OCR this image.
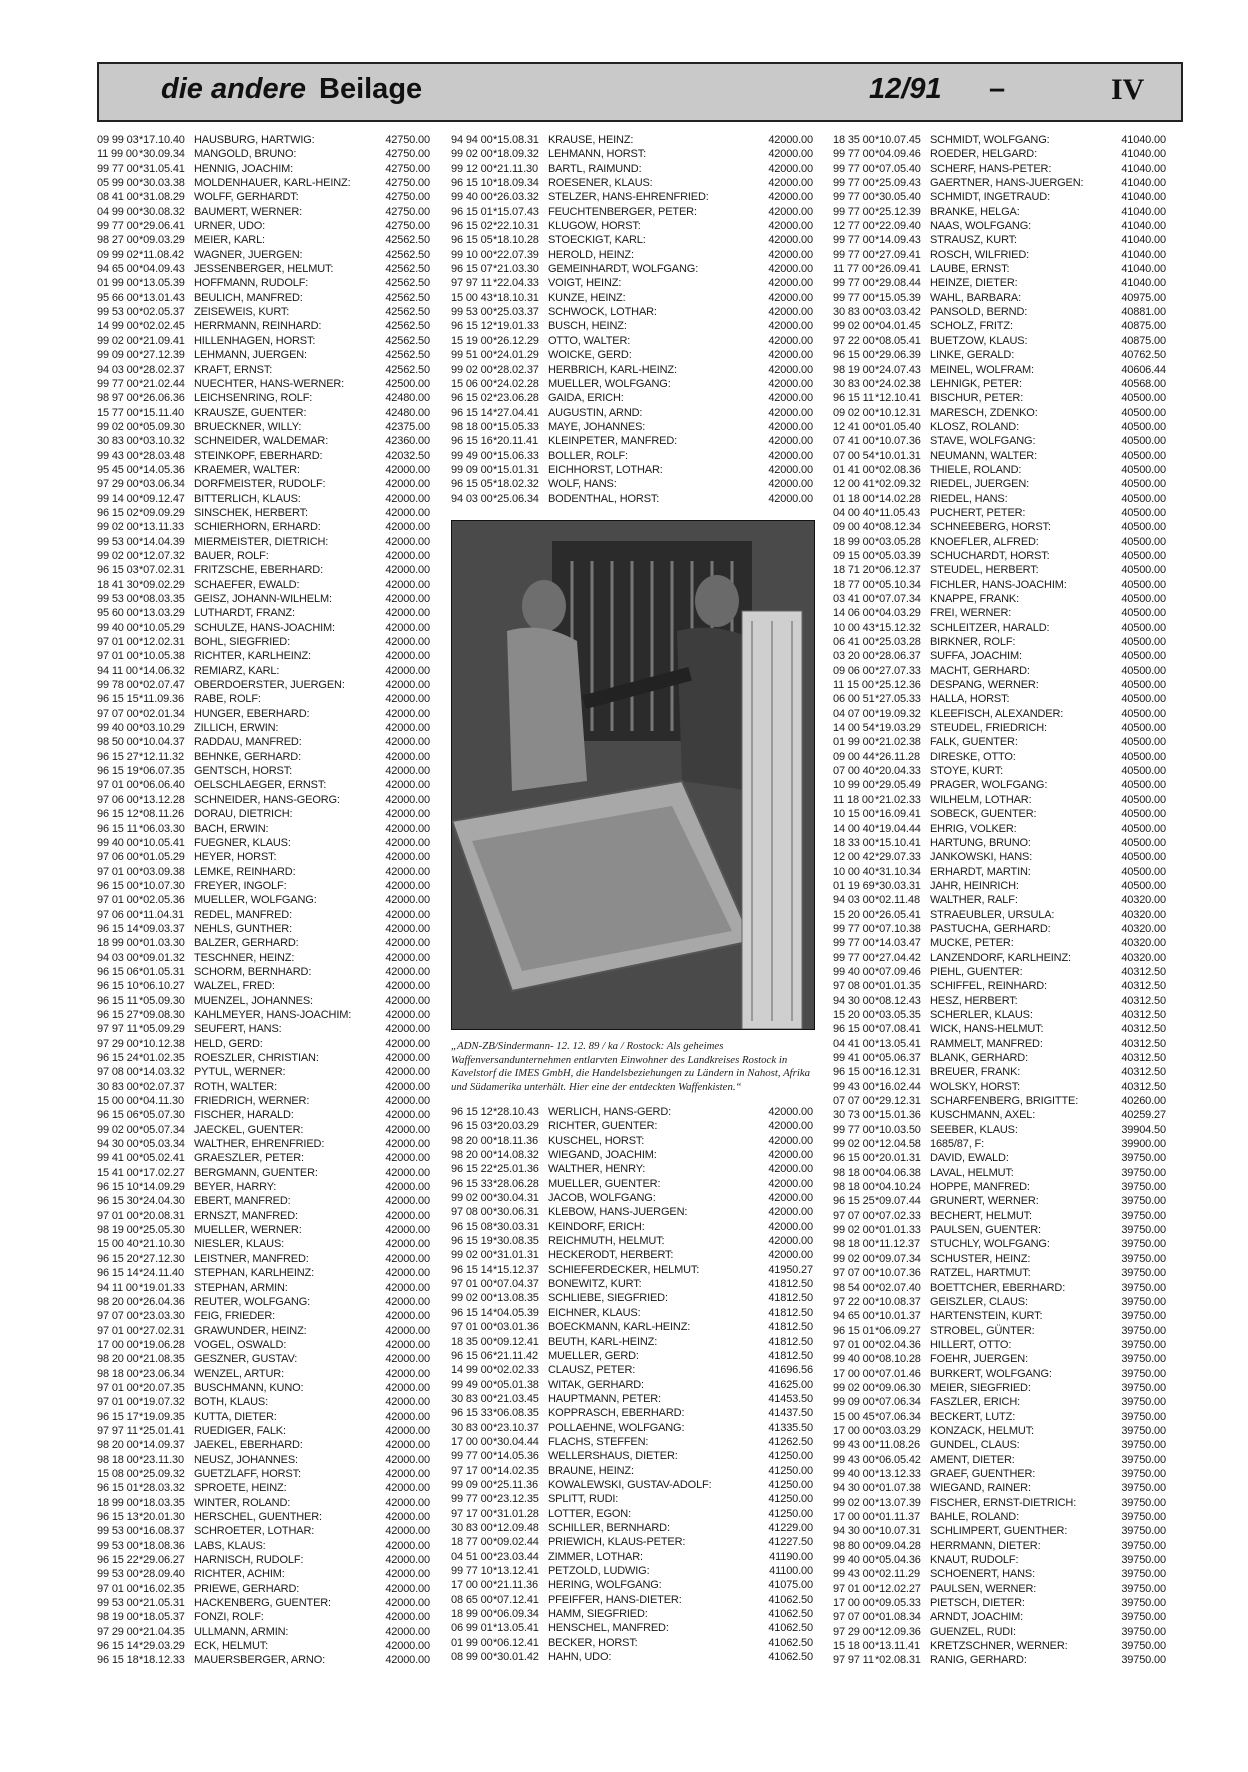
die andere Beilage	12/91 –	IV
09 99 03 *17.10.40 HAUSBURG, HARTWIG:	42750.00
11 99 00 *30.09.34 MANGOLD, BRUNO:	42750.00
99 77 00 *31.05.41 HENNIG, JOACHIM:	42750.00
05 99 00 *30.03.38 MOLDENHAUER, KARL-HEINZ:	42750.00
08 41 00 *31.08.29 WOLFF, GERHARDT:	42750.00
04 99 00 *30.08.32 BAUMERT, WERNER:	42750.00
99 77 00 *29.06.41 URNER, UDO:	42750.00
98 27 00 *09.03.29 MEIER, KARL:	42562.50
09 99 02 *11.08.42 WAGNER, JUERGEN:	42562.50
94 65 00 *04.09.43 JESSENBERGER, HELMUT:	42562.50
01 99 00 *13.05.39 HOFFMANN, RUDOLF:	42562.50
95 66 00 *13.01.43 BEULICH, MANFRED:	42562.50
99 53 00 *02.05.37 ZEISEWEIS, KURT:	42562.50
14 99 00 *02.02.45 HERRMANN, REINHARD:	42562.50
99 02 00 *21.09.41 HILLENHAGEN, HORST:	42562.50
99 09 00 *27.12.39 LEHMANN, JUERGEN:	42562.50
94 03 00 *28.02.37 KRAFT, ERNST:	42562.50
99 77 00 *21.02.44 NUECHTER, HANS-WERNER:	42500.00
98 97 00 *26.06.36 LEICHSENRING, ROLF:	42480.00
15 77 00 *15.11.40 KRAUSZE, GUENTER:	42480.00
99 02 00 *05.09.30 BRUECKNER, WILLY:	42375.00
30 83 00 *03.10.32 SCHNEIDER, WALDEMAR:	42360.00
99 43 00 *28.03.48 STEINKOPF, EBERHARD:	42032.50
95 45 00 *14.05.36 KRAEMER, WALTER:	42000.00
97 29 00 *03.06.34 DORFMEISTER, RUDOLF:	42000.00
99 14 00 *09.12.47 BITTERLICH, KLAUS:	42000.00
96 15 02 *09.09.29 SINSCHEK, HERBERT:	42000.00
99 02 00 *13.11.33 SCHIERHORN, ERHARD:	42000.00
99 53 00 *14.04.39 MIERMEISTER, DIETRICH:	42000.00
99 02 00 *12.07.32 BAUER, ROLF:	42000.00
96 15 03 *07.02.31 FRITZSCHE, EBERHARD:	42000.00
18 41 30 *09.02.29 SCHAEFER, EWALD:	42000.00
99 53 00 *08.03.35 GEISZ, JOHANN-WILHELM:	42000.00
95 60 00 *13.03.29 LUTHARDT, FRANZ:	42000.00
99 40 00 *10.05.29 SCHULZE, HANS-JOACHIM:	42000.00
97 01 00 *12.02.31 BOHL, SIEGFRIED:	42000.00
97 01 00 *10.05.38 RICHTER, KARLHEINZ:	42000.00
94 11 00 *14.06.32 REMIARZ, KARL:	42000.00
99 78 00 *02.07.47 OBERDOERSTER, JUERGEN:	42000.00
96 15 15 *11.09.36 RABE, ROLF:	42000.00
97 07 00 *02.01.34 HUNGER, EBERHARD:	42000.00
99 40 00 *03.10.29 ZILLICH, ERWIN:	42000.00
98 50 00 *10.04.37 RADDAU, MANFRED:	42000.00
96 15 27 *12.11.32 BEHNKE, GERHARD:	42000.00
96 15 19 *06.07.35 GENTSCH, HORST:	42000.00
97 01 00 *06.06.40 OELSCHLAEGER, ERNST:	42000.00
97 06 00 *13.12.28 SCHNEIDER, HANS-GEORG:	42000.00
96 15 12 *08.11.26 DORAU, DIETRICH:	42000.00
96 15 11 *06.03.30 BACH, ERWIN:	42000.00
99 40 00 *10.05.41 FUEGNER, KLAUS:	42000.00
97 06 00 *01.05.29 HEYER, HORST:	42000.00
97 01 00 *03.09.38 LEMKE, REINHARD:	42000.00
96 15 00 *10.07.30 FREYER, INGOLF:	42000.00
97 01 00 *02.05.36 MUELLER, WOLFGANG:	42000.00
97 06 00 *11.04.31 REDEL, MANFRED:	42000.00
96 15 14 *09.03.37 NEHLS, GUNTHER:	42000.00
18 99 00 *01.03.30 BALZER, GERHARD:	42000.00
94 03 00 *09.01.32 TESCHNER, HEINZ:	42000.00
96 15 06 *01.05.31 SCHORM, BERNHARD:	42000.00
96 15 10 *06.10.27 WALZEL, FRED:	42000.00
96 15 11 *05.09.30 MUENZEL, JOHANNES:	42000.00
96 15 27 *09.08.30 KAHLMEYER, HANS-JOACHIM:	42000.00
97 97 11 *05.09.29 SEUFERT, HANS:	42000.00
97 29 00 *10.12.38 HELD, GERD:	42000.00
96 15 24 *01.02.35 ROESZLER, CHRISTIAN:	42000.00
97 08 00 *14.03.32 PYTUL, WERNER:	42000.00
30 83 00 *02.07.37 ROTH, WALTER:	42000.00
15 00 00 *04.11.30 FRIEDRICH, WERNER:	42000.00
96 15 06 *05.07.30 FISCHER, HARALD:	42000.00
99 02 00 *05.07.34 JAECKEL, GUENTER:	42000.00
94 30 00 *05.03.34 WALTHER, EHRENFRIED:	42000.00
99 41 00 *05.02.41 GRAESZLER, PETER:	42000.00
15 41 00 *17.02.27 BERGMANN, GUENTER:	42000.00
96 15 10 *14.09.29 BEYER, HARRY:	42000.00
96 15 30 *24.04.30 EBERT, MANFRED:	42000.00
97 01 00 *20.08.31 ERNSZT, MANFRED:	42000.00
98 19 00 *25.05.30 MUELLER, WERNER:	42000.00
15 00 40 *21.10.30 NIESLER, KLAUS:	42000.00
96 15 20 *27.12.30 LEISTNER, MANFRED:	42000.00
96 15 14 *24.11.40 STEPHAN, KARLHEINZ:	42000.00
94 11 00 *19.01.33 STEPHAN, ARMIN:	42000.00
98 20 00 *26.04.36 REUTER, WOLFGANG:	42000.00
97 07 00 *23.03.30 FEIG, FRIEDER:	42000.00
97 01 00 *27.02.31 GRAWUNDER, HEINZ:	42000.00
17 00 00 *19.06.28 VOGEL, OSWALD:	42000.00
98 20 00 *21.08.35 GESZNER, GUSTAV:	42000.00
98 18 00 *23.06.34 WENZEL, ARTUR:	42000.00
97 01 00 *20.07.35 BUSCHMANN, KUNO:	42000.00
97 01 00 *19.07.32 BOTH, KLAUS:	42000.00
96 15 17 *19.09.35 KUTTA, DIETER:	42000.00
97 97 11 *25.01.41 RUEDIGER, FALK:	42000.00
98 20 00 *14.09.37 JAEKEL, EBERHARD:	42000.00
98 18 00 *23.11.30 NEUSZ, JOHANNES:	42000.00
15 08 00 *25.09.32 GUETZLAFF, HORST:	42000.00
96 15 01 *28.03.32 SPROETE, HEINZ:	42000.00
18 99 00 *18.03.35 WINTER, ROLAND:	42000.00
96 15 13 *20.01.30 HERSCHEL, GUENTHER:	42000.00
99 53 00 *16.08.37 SCHROETER, LOTHAR:	42000.00
99 53 00 *18.08.36 LABS, KLAUS:	42000.00
96 15 22 *29.06.27 HARNISCH, RUDOLF:	42000.00
99 53 00 *28.09.40 RICHTER, ACHIM:	42000.00
97 01 00 *16.02.35 PRIEWE, GERHARD:	42000.00
99 53 00 *21.05.31 HACKENBERG, GUENTER:	42000.00
98 19 00 *18.05.37 FONZI, ROLF:	42000.00
97 29 00 *21.04.35 ULLMANN, ARMIN:	42000.00
96 15 14 *29.03.29 ECK, HELMUT:	42000.00
96 15 18 *18.12.33 MAUERSBERGER, ARNO:	42000.00
94 94 00 *15.08.31 KRAUSE, HEINZ:	42000.00
99 02 00 *18.09.32 LEHMANN, HORST:	42000.00
99 12 00 *21.11.30 BARTL, RAIMUND:	42000.00
96 15 10 *18.09.34 ROESENER, KLAUS:	42000.00
99 40 00 *26.03.32 STELZER, HANS-EHRENFRIED:	42000.00
96 15 01 *15.07.43 FEUCHTENBERGER, PETER:	42000.00
96 15 02 *22.10.31 KLUGOW, HORST:	42000.00
96 15 05 *18.10.28 STOECKIGT, KARL:	42000.00
99 10 00 *22.07.39 HEROLD, HEINZ:	42000.00
96 15 07 *21.03.30 GEMEINHARDT, WOLFGANG:	42000.00
97 97 11 *22.04.33 VOIGT, HEINZ:	42000.00
15 00 43 *18.10.31 KUNZE, HEINZ:	42000.00
99 53 00 *25.03.37 SCHWOCK, LOTHAR:	42000.00
96 15 12 *19.01.33 BUSCH, HEINZ:	42000.00
15 19 00 *26.12.29 OTTO, WALTER:	42000.00
99 51 00 *24.01.29 WOICKE, GERD:	42000.00
99 02 00 *28.02.37 HERBRICH, KARL-HEINZ:	42000.00
15 06 00 *24.02.28 MUELLER, WOLFGANG:	42000.00
96 15 02 *23.06.28 GAIDA, ERICH:	42000.00
96 15 14 *27.04.41 AUGUSTIN, ARND:	42000.00
98 18 00 *15.05.33 MAYE, JOHANNES:	42000.00
96 15 16 *20.11.41 KLEINPETER, MANFRED:	42000.00
99 49 00 *15.06.33 BOLLER, ROLF:	42000.00
99 09 00 *15.01.31 EICHHORST, LOTHAR:	42000.00
96 15 05 *18.02.32 WOLF, HANS:	42000.00
94 03 00 *25.06.34 BODENTHAL, HORST:	42000.00
96 15 12 *28.10.43 WERLICH, HANS-GERD:	42000.00
96 15 03 *20.03.29 RICHTER, GUENTER:	42000.00
98 20 00 *18.11.36 KUSCHEL, HORST:	42000.00
98 20 00 *14.08.32 WIEGAND, JOACHIM:	42000.00
96 15 22 *25.01.36 WALTHER, HENRY:	42000.00
96 15 33 *28.06.28 MUELLER, GUENTER:	42000.00
99 02 00 *30.04.31 JACOB, WOLFGANG:	42000.00
97 08 00 *30.06.31 KLEBOW, HANS-JUERGEN:	42000.00
96 15 08 *30.03.31 KEINDORF, ERICH:	42000.00
96 15 19 *30.08.35 REICHMUTH, HELMUT:	42000.00
99 02 00 *31.01.31 HECKERODT, HERBERT:	42000.00
96 15 14 *15.12.37 SCHIEFERDECKER, HELMUT:	41950.27
97 01 00 *07.04.37 BONEWITZ, KURT:	41812.50
99 02 00 *13.08.35 SCHLIEBE, SIEGFRIED:	41812.50
96 15 14 *04.05.39 EICHNER, KLAUS:	41812.50
97 01 00 *03.01.36 BOECKMANN, KARL-HEINZ:	41812.50
18 35 00 *09.12.41 BEUTH, KARL-HEINZ:	41812.50
96 15 06 *21.11.42 MUELLER, GERD:	41812.50
14 99 00 *02.02.33 CLAUSZ, PETER:	41696.56
99 49 00 *05.01.38 WITAK, GERHARD:	41625.00
30 83 00 *21.03.45 HAUPTMANN, PETER:	41453.50
96 15 33 *06.08.35 KOPPRASCH, EBERHARD:	41437.50
30 83 00 *23.10.37 POLLAEHNE, WOLFGANG:	41335.50
17 00 00 *30.04.44 FLACHS, STEFFEN:	41262.50
99 77 00 *14.05.36 WELLERSHAUS, DIETER:	41250.00
97 17 00 *14.02.35 BRAUNE, HEINZ:	41250.00
99 09 00 *25.11.36 KOWALEWSKI, GUSTAV-ADOLF:	41250.00
99 77 00 *23.12.35 SPLITT, RUDI:	41250.00
97 17 00 *31.01.28 LOTTER, EGON:	41250.00
30 83 00 *12.09.48 SCHILLER, BERNHARD:	41229.00
18 77 00 *09.02.44 PRIEWICH, KLAUS-PETER:	41227.50
04 51 00 *23.03.44 ZIMMER, LOTHAR:	41190.00
99 77 10 *13.12.41 PETZOLD, LUDWIG:	41100.00
17 00 00 *21.11.36 HERING, WOLFGANG:	41075.00
08 65 00 *07.12.41 PFEIFFER, HANS-DIETER:	41062.50
18 99 00 *06.09.34 HAMM, SIEGFRIED:	41062.50
06 99 01 *13.05.41 HENSCHEL, MANFRED:	41062.50
01 99 00 *06.12.41 BECKER, HORST:	41062.50
08 99 00 *30.01.42 HAHN, UDO:	41062.50
18 35 00 *10.07.45 SCHMIDT, WOLFGANG:	41040.00
99 77 00 *04.09.46 ROEDER, HELGARD:	41040.00
99 77 00 *07.05.40 SCHERF, HANS-PETER:	41040.00
99 77 00 *25.09.43 GAERTNER, HANS-JUERGEN:	41040.00
99 77 00 *30.05.40 SCHMIDT, INGETRAUD:	41040.00
99 77 00 *25.12.39 BRANKE, HELGA:	41040.00
12 77 00 *22.09.40 NAAS, WOLFGANG:	41040.00
99 77 00 *14.09.43 STRAUSZ, KURT:	41040.00
99 77 00 *27.09.41 ROSCH, WILFRIED:	41040.00
11 77 00 *26.09.41 LAUBE, ERNST:	41040.00
99 77 00 *29.08.44 HEINZE, DIETER:	41040.00
99 77 00 *15.05.39 WAHL, BARBARA:	40975.00
30 83 00 *03.03.42 PANSOLD, BERND:	40881.00
99 02 00 *04.01.45 SCHOLZ, FRITZ:	40875.00
97 22 00 *08.05.41 BUETZOW, KLAUS:	40875.00
96 15 00 *29.06.39 LINKE, GERALD:	40762.50
98 19 00 *24.07.43 MEINEL, WOLFRAM:	40606.44
30 83 00 *24.02.38 LEHNIGK, PETER:	40568.00
96 15 11 *12.10.41 BISCHUR, PETER:	40500.00
09 02 00 *10.12.31 MARESCH, ZDENKO:	40500.00
12 41 00 *01.05.40 KLOSZ, ROLAND:	40500.00
07 41 00 *10.07.36 STAVE, WOLFGANG:	40500.00
07 00 54 *10.01.31 NEUMANN, WALTER:	40500.00
01 41 00 *02.08.36 THIELE, ROLAND:	40500.00
12 00 41 *02.09.32 RIEDEL, JUERGEN:	40500.00
01 18 00 *14.02.28 RIEDEL, HANS:	40500.00
04 00 40 *11.05.43 PUCHERT, PETER:	40500.00
09 00 40 *08.12.34 SCHNEEBERG, HORST:	40500.00
18 99 00 *03.05.28 KNOEFLER, ALFRED:	40500.00
09 15 00 *05.03.39 SCHUCHARDT, HORST:	40500.00
18 71 20 *06.12.37 STEUDEL, HERBERT:	40500.00
18 77 00 *05.10.34 FICHLER, HANS-JOACHIM:	40500.00
03 41 00 *07.07.34 KNAPPE, FRANK:	40500.00
14 06 00 *04.03.29 FREI, WERNER:	40500.00
10 00 43 *15.12.32 SCHLEITZER, HARALD:	40500.00
06 41 00 *25.03.28 BIRKNER, ROLF:	40500.00
03 20 00 *28.06.37 SUFFA, JOACHIM:	40500.00
09 06 00 *27.07.33 MACHT, GERHARD:	40500.00
11 15 00 *25.12.36 DESPANG, WERNER:	40500.00
06 00 51 *27.05.33 HALLA, HORST:	40500.00
04 07 00 *19.09.32 KLEEFISCH, ALEXANDER:	40500.00
14 00 54 *19.03.29 STEUDEL, FRIEDRICH:	40500.00
01 99 00 *21.02.38 FALK, GUENTER:	40500.00
09 00 44 *26.11.28 DIRESKE, OTTO:	40500.00
07 00 40 *20.04.33 STOYE, KURT:	40500.00
10 99 00 *29.05.49 PRAGER, WOLFGANG:	40500.00
11 18 00 *21.02.33 WILHELM, LOTHAR:	40500.00
10 15 00 *16.09.41 SOBECK, GUENTER:	40500.00
14 00 40 *19.04.44 EHRIG, VOLKER:	40500.00
18 33 00 *15.10.41 HARTUNG, BRUNO:	40500.00
12 00 42 *29.07.33 JANKOWSKI, HANS:	40500.00
10 00 40 *31.10.34 ERHARDT, MARTIN:	40500.00
01 19 69 *30.03.31 JAHR, HEINRICH:	40500.00
94 03 00 *02.11.48 WALTHER, RALF:	40320.00
15 20 00 *26.05.41 STRAEUBLER, URSULA:	40320.00
99 77 00 *07.10.38 PASTUCHA, GERHARD:	40320.00
99 77 00 *14.03.47 MUCKE, PETER:	40320.00
99 77 00 *27.04.42 LANZENDORF, KARLHEINZ:	40320.00
99 40 00 *07.09.46 PIEHL, GUENTER:	40312.50
97 08 00 *01.01.35 SCHIFFEL, REINHARD:	40312.50
94 30 00 *08.12.43 HESZ, HERBERT:	40312.50
15 20 00 *03.05.35 SCHERLER, KLAUS:	40312.50
96 15 00 *07.08.41 WICK, HANS-HELMUT:	40312.50
04 41 00 *13.05.41 RAMMELT, MANFRED:	40312.50
99 41 00 *05.06.37 BLANK, GERHARD:	40312.50
96 15 00 *16.12.31 BREUER, FRANK:	40312.50
99 43 00 *16.02.44 WOLSKY, HORST:	40312.50
07 07 00 *29.12.31 SCHARFENBERG, BRIGITTE:	40260.00
30 73 00 *15.01.36 KUSCHMANN, AXEL:	40259.27
99 77 00 *10.03.50 SEEBER, KLAUS:	39904.50
99 02 00 *12.04.58 1685/87, F:	39900.00
96 15 00 *20.01.31 DAVID, EWALD:	39750.00
98 18 00 *04.06.38 LAVAL, HELMUT:	39750.00
98 18 00 *04.10.24 HOPPE, MANFRED:	39750.00
96 15 25 *09.07.44 GRUNERT, WERNER:	39750.00
97 07 00 *07.02.33 BECHERT, HELMUT:	39750.00
99 02 00 *01.01.33 PAULSEN, GUENTER:	39750.00
98 18 00 *11.12.37 STUCHLY, WOLFGANG:	39750.00
99 02 00 *09.07.34 SCHUSTER, HEINZ:	39750.00
97 07 00 *10.07.36 RATZEL, HARTMUT:	39750.00
98 54 00 *02.07.40 BOETTCHER, EBERHARD:	39750.00
97 22 00 *10.08.37 GEISZLER, CLAUS:	39750.00
94 65 00 *10.01.37 HARTENSTEIN, KURT:	39750.00
96 15 01 *06.09.27 STROBEL, GÜNTER:	39750.00
97 01 00 *02.04.36 HILLERT, OTTO:	39750.00
99 40 00 *08.10.28 FOEHR, JUERGEN:	39750.00
17 00 00 *07.01.46 BURKERT, WOLFGANG:	39750.00
99 02 00 *09.06.30 MEIER, SIEGFRIED:	39750.00
99 09 00 *07.06.34 FASZLER, ERICH:	39750.00
15 00 45 *07.06.34 BECKERT, LUTZ:	39750.00
17 00 00 *03.03.29 KONZACK, HELMUT:	39750.00
99 43 00 *11.08.26 GUNDEL, CLAUS:	39750.00
99 43 00 *06.05.42 AMENT, DIETER:	39750.00
99 40 00 *13.12.33 GRAEF, GUENTHER:	39750.00
94 30 00 *01.07.38 WIEGAND, RAINER:	39750.00
99 02 00 *13.07.39 FISCHER, ERNST-DIETRICH:	39750.00
17 00 00 *01.11.37 BAHLE, ROLAND:	39750.00
94 30 00 *10.07.31 SCHLIMPERT, GUENTHER:	39750.00
98 80 00 *09.04.28 HERRMANN, DIETER:	39750.00
99 40 00 *05.04.36 KNAUT, RUDOLF:	39750.00
99 43 00 *02.11.29 SCHOENERT, HANS:	39750.00
97 01 00 *12.02.27 PAULSEN, WERNER:	39750.00
17 00 00 *09.05.33 PIETSCH, DIETER:	39750.00
97 07 00 *01.08.34 ARNDT, JOACHIM:	39750.00
97 29 00 *12.09.36 GUENZEL, RUDI:	39750.00
15 18 00 *13.11.41 KRETZSCHNER, WERNER:	39750.00
97 97 11 *02.08.31 RANIG, GERHARD:	39750.00
„ADN-ZB/Sindermann- 12. 12. 89 / ka / Rostock: Als geheimes Waffenversandunternehmen entlarvten Einwohner des Landkreises Rostock in Kavelstorf die IMES GmbH, die Handelsbeziehungen zu Ländern in Nahost, Afrika und Südamerika unterhält. Hier eine der entdeckten Waffenkisten.“
